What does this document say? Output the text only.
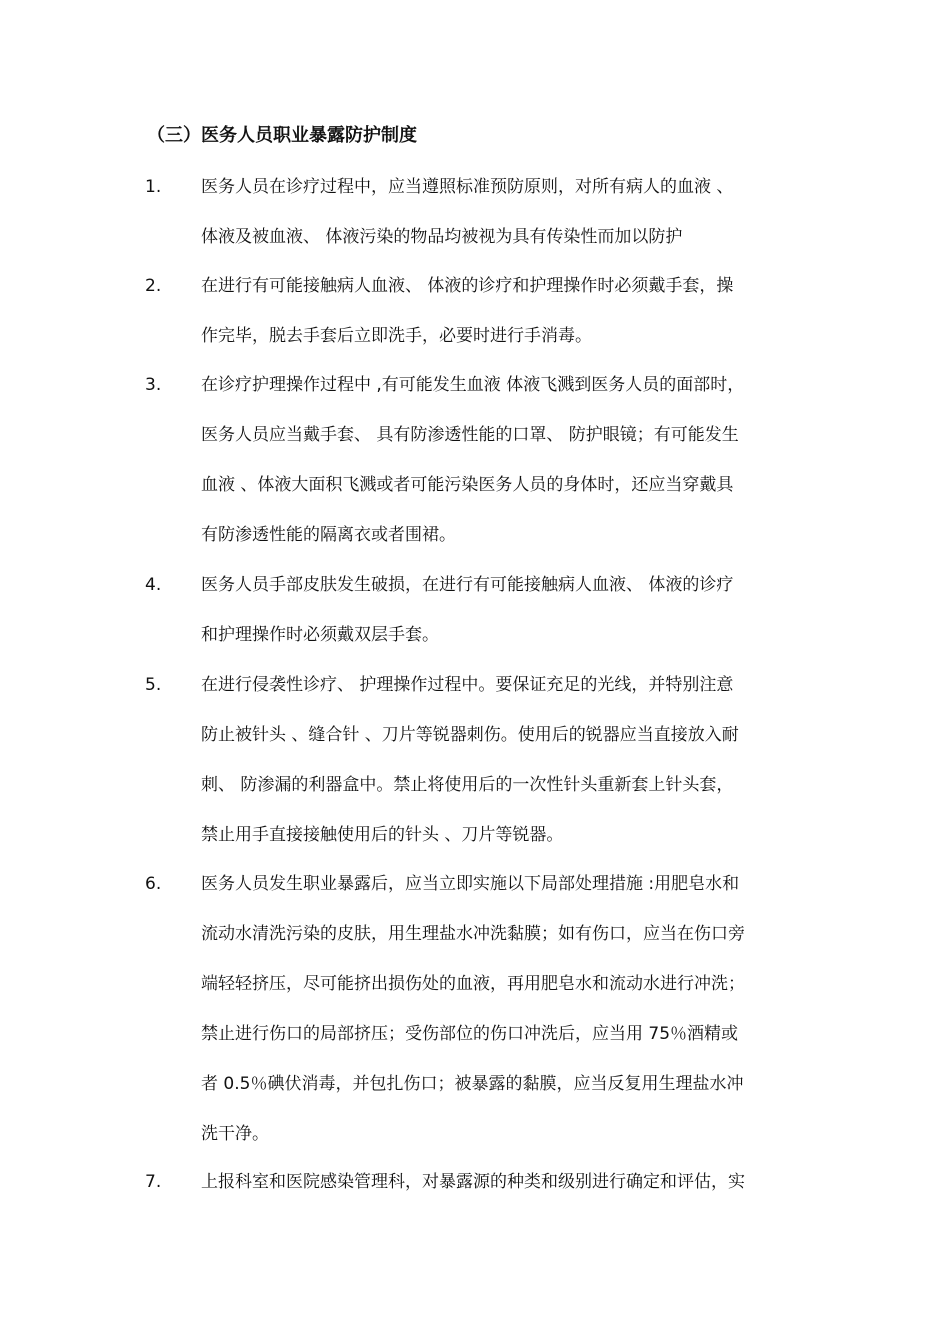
（三）医务人员职业暴露防护制度
1. 医务人员在诊疗过程中，应当遵照标准预防原则，对所有病人的血液 、
体液及被血液、 体液污染的物品均被视为具有传染性而加以防护
2. 在进行有可能接触病人血液、 体液的诊疗和护理操作时必须戴手套，操
作完毕，脱去手套后立即洗手，必要时进行手消毒。
3. 在诊疗护理操作过程中 ,有可能发生血液 体液飞溅到医务人员的面部时，
医务人员应当戴手套、 具有防渗透性能的口罩、 防护眼镜；有可能发生
血液 、体液大面积飞溅或者可能污染医务人员的身体时，还应当穿戴具
有防渗透性能的隔离衣或者围裙。
4. 医务人员手部皮肤发生破损，在进行有可能接触病人血液、 体液的诊疗
和护理操作时必须戴双层手套。
5. 在进行侵袭性诊疗、 护理操作过程中。要保证充足的光线，并特别注意
防止被针头 、缝合针 、刀片等锐器刺伤。使用后的锐器应当直接放入耐
刺、 防渗漏的利器盒中。禁止将使用后的一次性针头重新套上针头套，
禁止用手直接接触使用后的针头 、刀片等锐器。
6. 医务人员发生职业暴露后，应当立即实施以下局部处理措施 :用肥皂水和
流动水清洗污染的皮肤，用生理盐水冲洗黏膜；如有伤口，应当在伤口旁
端轻轻挤压，尽可能挤出损伤处的血液，再用肥皂水和流动水进行冲洗；
禁止进行伤口的局部挤压；受伤部位的伤口冲洗后，应当用 75％酒精或
者 0.5％碘伏消毒，并包扎伤口；被暴露的黏膜，应当反复用生理盐水冲
洗干净。
7. 上报科室和医院感染管理科，对暴露源的种类和级别进行确定和评估，实
